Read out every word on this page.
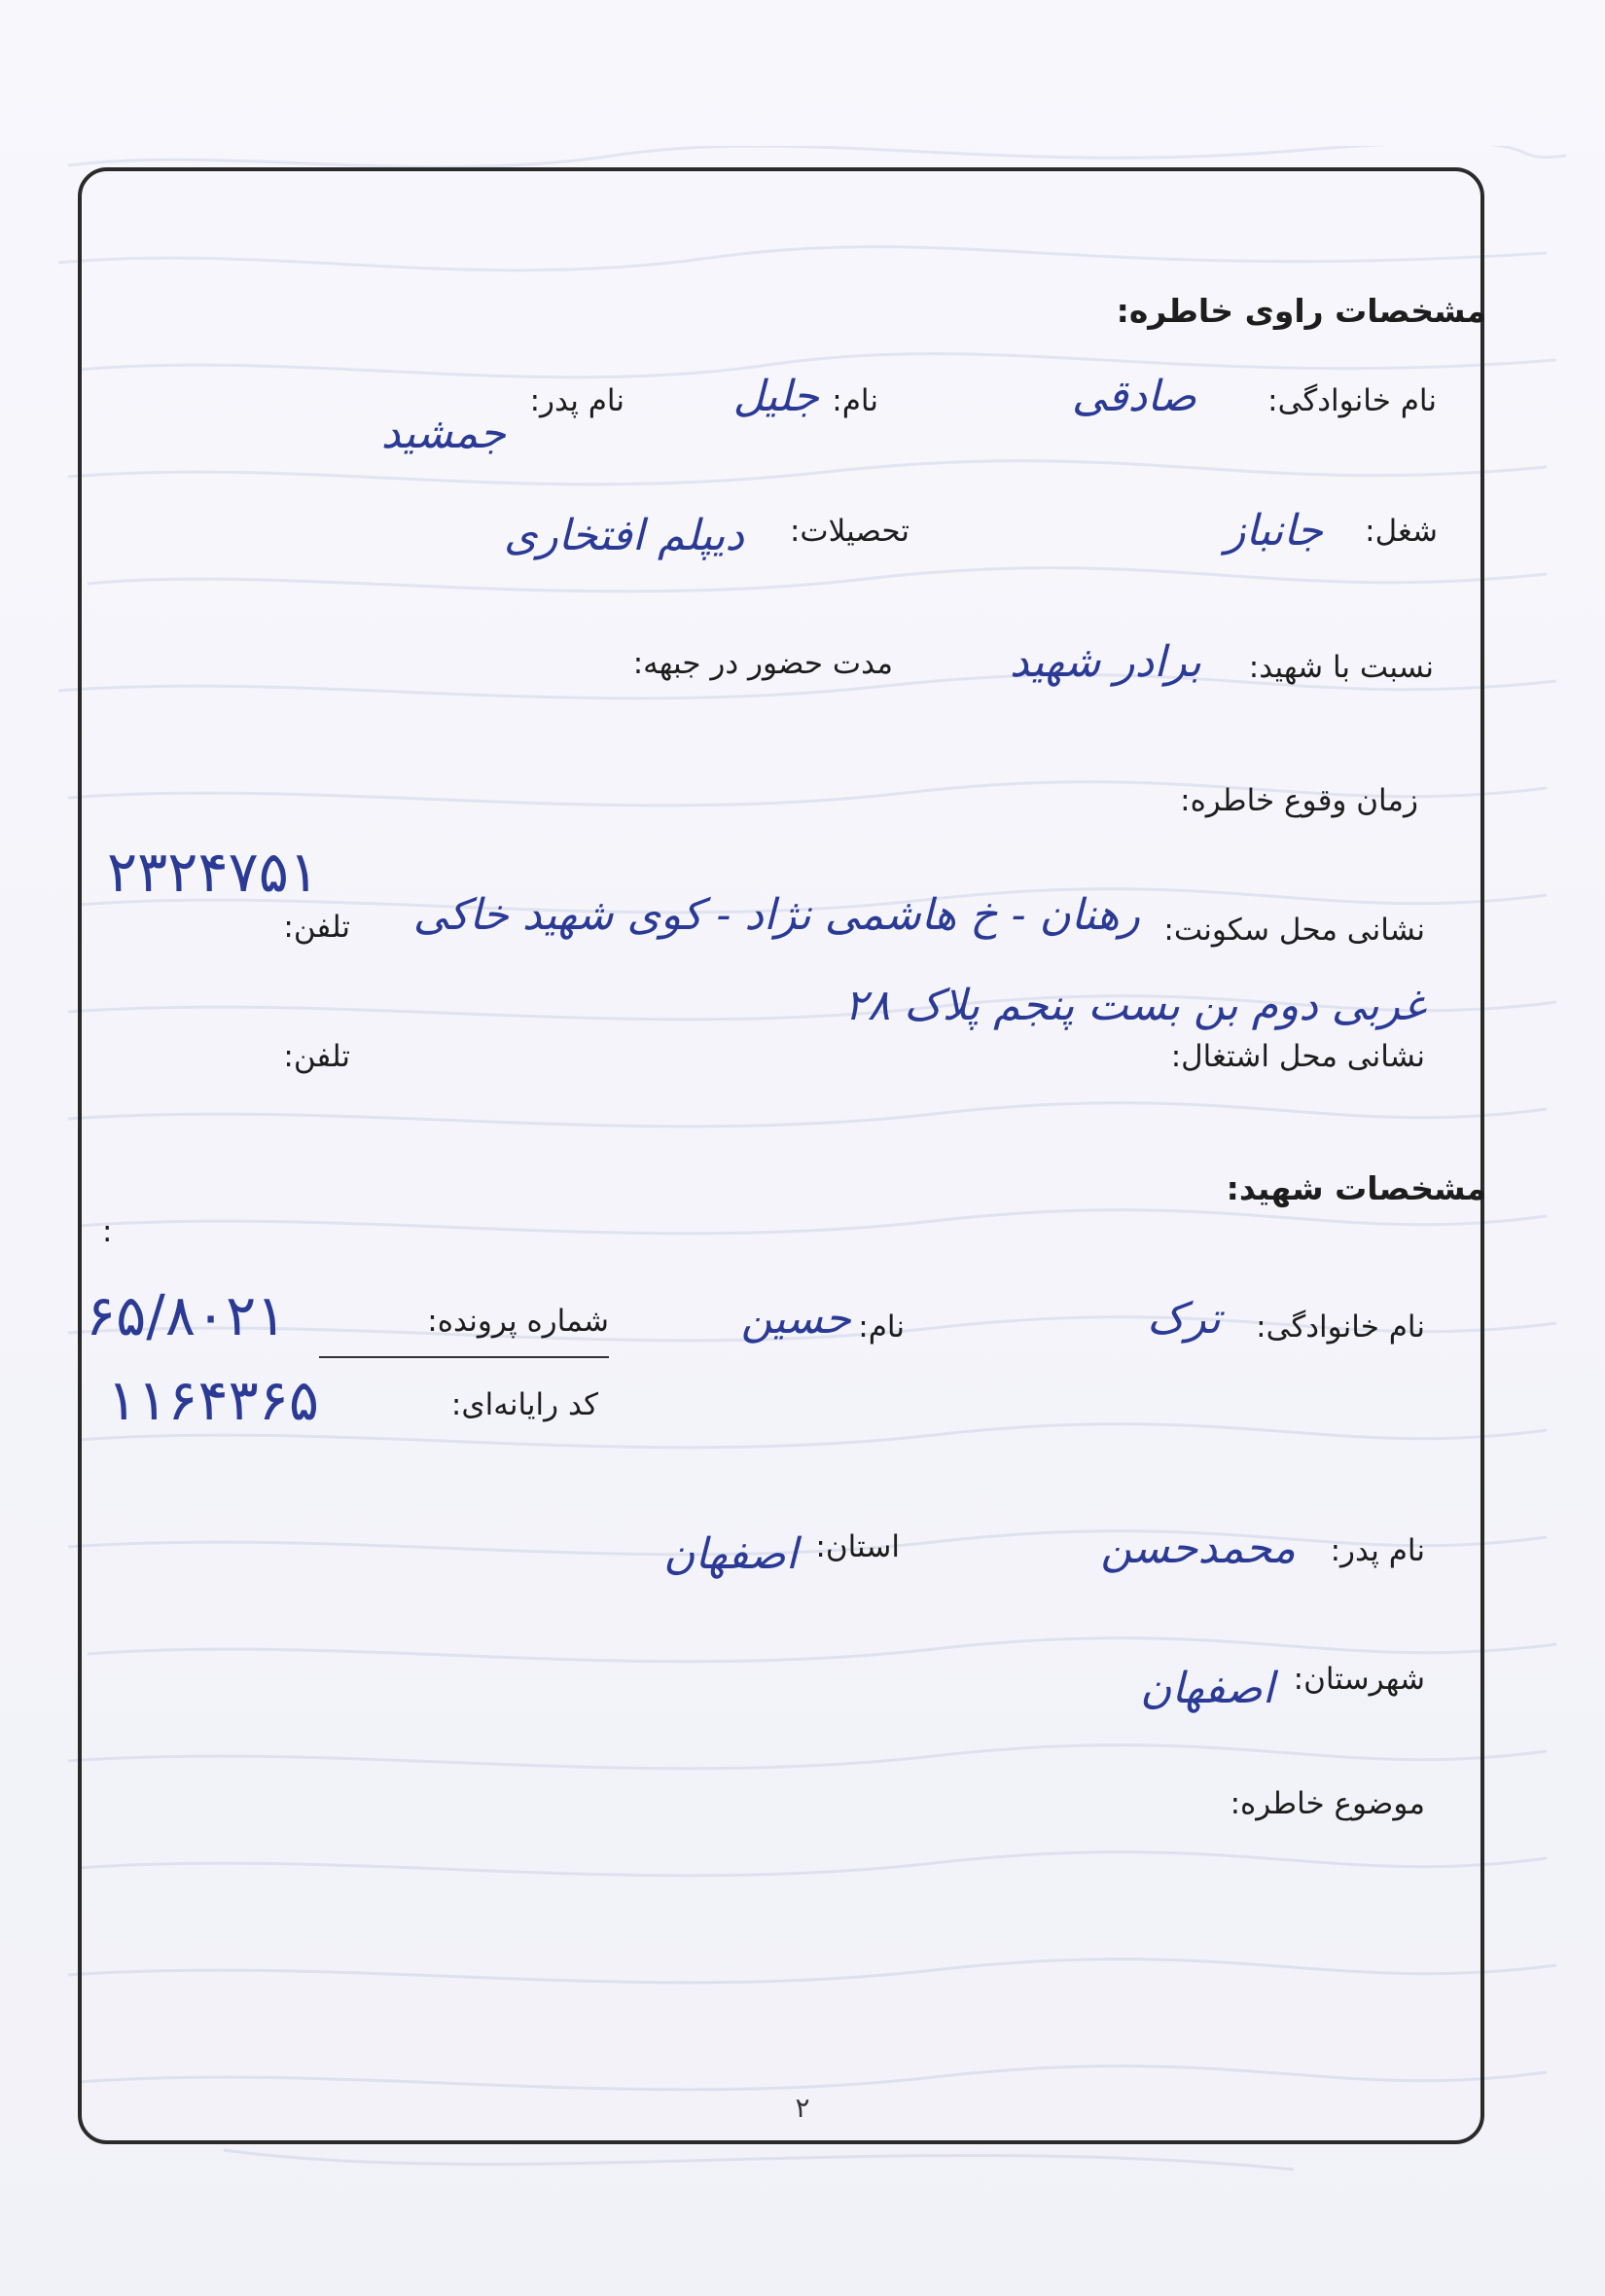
مشخصات راوی خاطره:
نام خانوادگی:
صادقی
نام:
جلیل
نام پدر:
جمشید
شغل:
جانباز
تحصیلات:
دیپلم افتخاری
نسبت با شهید:
برادر شهید
مدت حضور در جبهه:
زمان وقوع خاطره:
نشانی محل سکونت:
رهنان - خ هاشمی نژاد - کوی شهید خاکی
غربی دوم بن بست پنجم پلاک ۲۸
تلفن:
۲۳۲۴۷۵۱
نشانی محل اشتغال:
تلفن:
مشخصات شهید:
:
نام خانوادگی:
ترک
نام:
حسین
شماره پرونده:
۶۵/۸۰۲۱
کد رایانه‌ای:
۱۱۶۴۳۶۵
نام پدر:
محمدحسن
استان:
اصفهان
شهرستان:
اصفهان
موضوع خاطره:
۲
